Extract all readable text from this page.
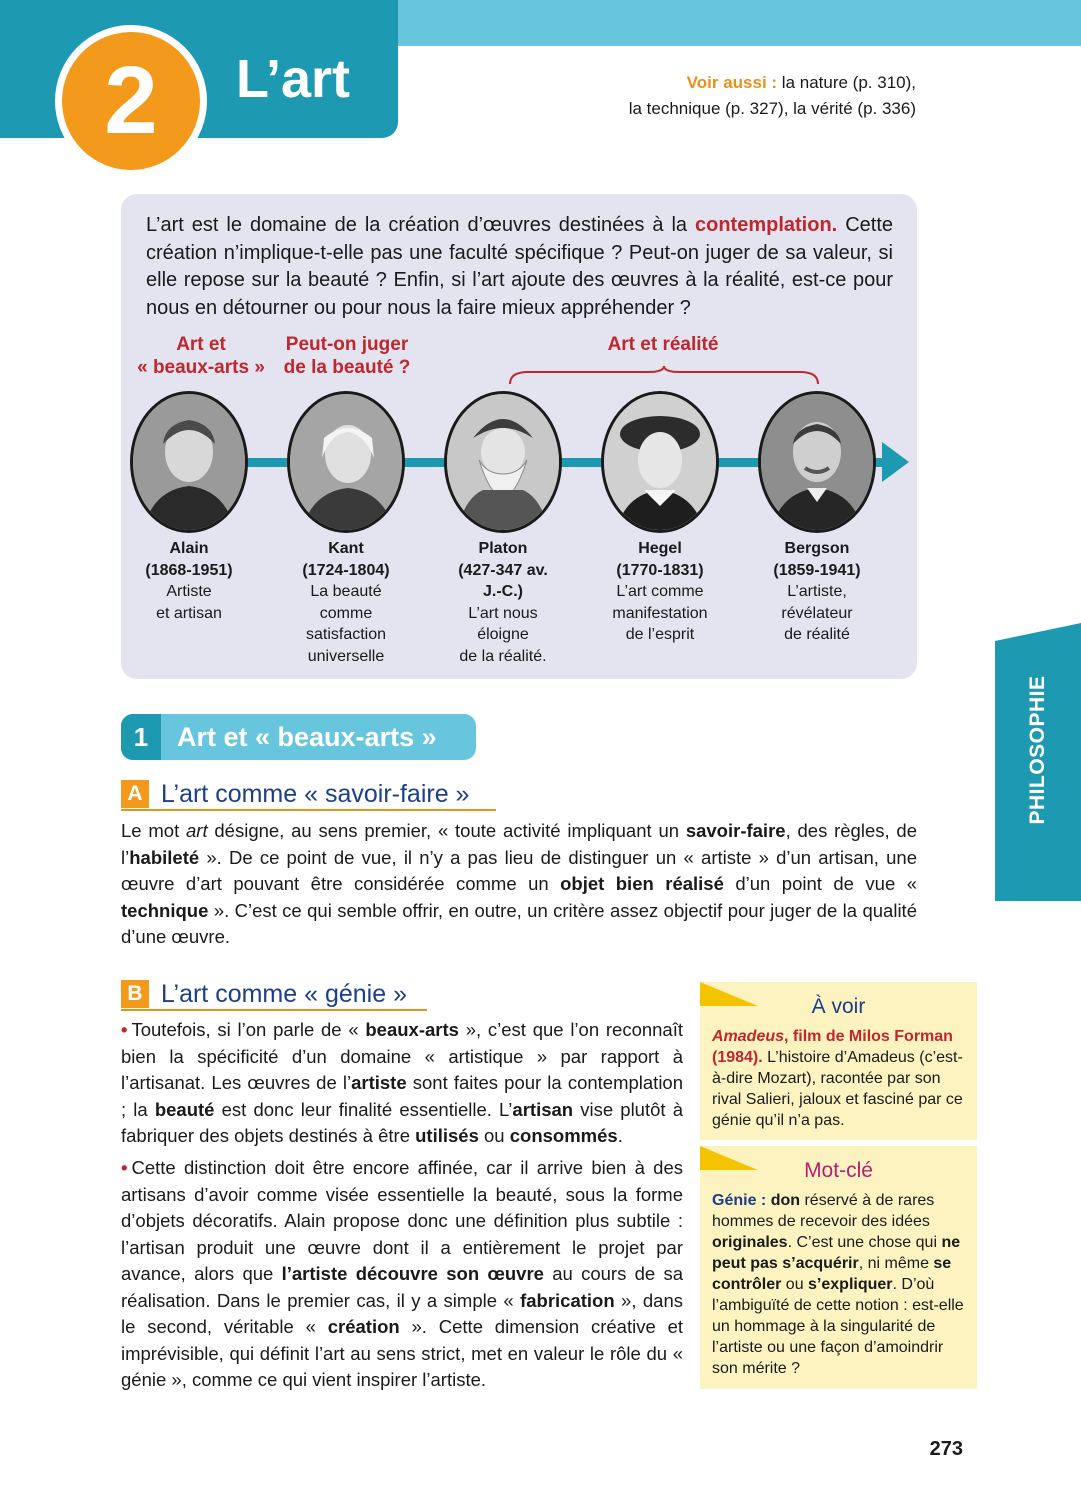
2 L’art	Voir aussi : la nature (p. 310),
la technique (p. 327), la vérité (p. 336)

L’art est le domaine de la création d’œuvres destinées à la contemplation. Cette création n’implique-t-elle pas une faculté spécifique ? Peut-on juger de sa valeur, si elle repose sur la beauté ? Enfin, si l’art ajoute des œuvres à la réalité, est-ce pour nous en détourner ou pour nous la faire mieux appréhender ?

Art et
« beaux-arts »
Peut-on juger
de la beauté ?
Art et réalité
Alain
(1868-1951)
Artiste
et artisan
Kant
(1724-1804)
La beauté
comme
satisfaction
universelle
Platon
(427-347 av.
J.-C.)
L’art nous
éloigne
de la réalité.
Hegel
(1770-1831)
L’art comme
manifestation
de l’esprit
Bergson
(1859-1941)
L’artiste,
révélateur
de réalité
1	Art et « beaux-arts »
A L’art comme « savoir-faire »

Le mot art désigne, au sens premier, « toute activité impliquant un savoir-faire, des règles, de l’habileté ». De ce point de vue, il n’y a pas lieu de distinguer un « artiste » d’un artisan, une œuvre d’art pouvant être considérée comme un objet bien réalisé d’un point de vue « technique ». C’est ce qui semble offrir, en outre, un critère assez objectif pour juger de la qualité d’une œuvre.

B L’art comme « génie »

• Toutefois, si l’on parle de « beaux-arts », c’est que l’on reconnaît bien la spécificité d’un domaine « artistique » par rapport à l’artisanat. Les œuvres de l’artiste sont faites pour la contemplation ; la beauté est donc leur finalité essentielle. L’artisan vise plutôt à fabriquer des objets destinés à être utilisés ou consommés.

• Cette distinction doit être encore affinée, car il arrive bien à des artisans d’avoir comme visée essentielle la beauté, sous la forme d’objets décoratifs. Alain propose donc une définition plus subtile : l’artisan produit une œuvre dont il a entièrement le projet par avance, alors que l’artiste découvre son œuvre au cours de sa réalisation. Dans le premier cas, il y a simple « fabrication », dans le second, véritable « création ». Cette dimension créative et imprévisible, qui définit l’art au sens strict, met en valeur le rôle du « génie », comme ce qui vient inspirer l’artiste.

À voir
Amadeus, film de Milos Forman (1984). L’histoire d’Amadeus (c’est-à-dire Mozart), racontée par son rival Salieri, jaloux et fasciné par ce génie qu’il n’a pas.
Mot-clé
Génie : don réservé à de rares hommes de recevoir des idées originales. C’est une chose qui ne peut pas s’acquérir, ni même se contrôler ou s’expliquer. D’où l’ambiguïté de cette notion : est-elle un hommage à la singularité de l’artiste ou une façon d’amoindrir son mérite ?
PHILOSOPHIE
273
